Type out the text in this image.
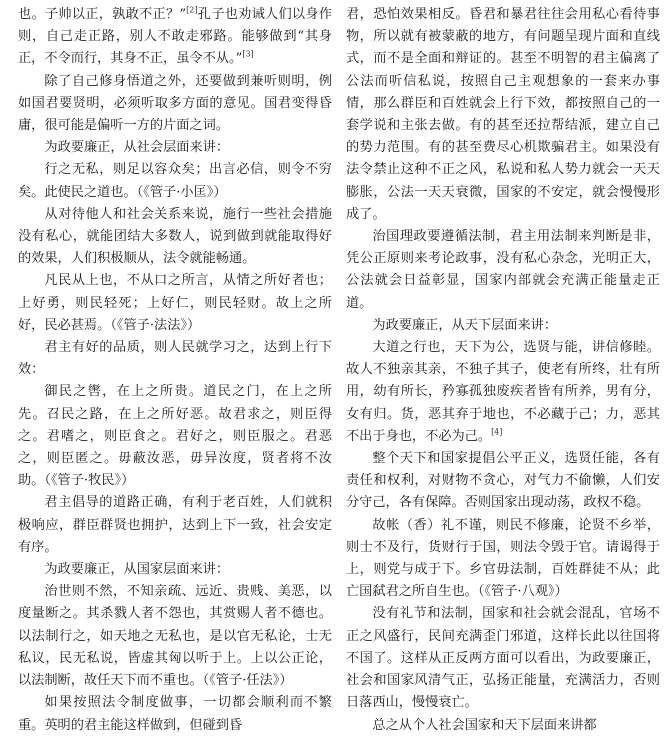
也。子帅以正，孰敢不正？”[2]孔子也劝诫人们以身作则，自己走正路，别人不敢走邪路。能够做到“其身正，不令而行，其身不正，虽令不从。”[3]

除了自己修身悟道之外，还要做到兼听则明，例如国君要贤明，必须听取多方面的意见。国君变得昏庸，很可能是偏听一方的片面之词。

为政要廉正，从社会层面来讲：

行之无私，则足以容众矣；出言必信，则令不穷矣。此使民之道也。（《管子·小匡》）

从对待他人和社会关系来说，施行一些社会措施没有私心，就能团结大多数人，说到做到就能取得好的效果，人们积极顺从，法令就能畅通。

凡民从上也，不从口之所言，从情之所好者也；上好勇，则民轻死；上好仁，则民轻财。故上之所好，民必甚焉。（《管子·法法》）

君主有好的品质，则人民就学习之，达到上行下效：

御民之辔，在上之所贵。道民之门，在上之所先。召民之路，在上之所好恶。故君求之，则臣得之。君嗜之，则臣食之。君好之，则臣服之。君恶之，则臣匿之。毋蔽汝恶，毋异汝度，贤者将不汝助。（《管子·牧民》）

君主倡导的道路正确，有利于老百姓，人们就积极响应，群臣群贤也拥护，达到上下一致，社会安定有序。

为政要廉正，从国家层面来讲：

治世则不然，不知亲疏、远近、贵贱、美恶，以度量断之。其杀戮人者不怨也，其赏赐人者不德也。以法制行之，如天地之无私也，是以官无私论，士无私议，民无私说，皆虚其匈以听于上。上以公正论，以法制断，故任天下而不重也。（《管子·任法》）

如果按照法令制度做事，一切都会顺利而不繁重。英明的君主能这样做到，但碰到昏

君，恐怕效果相反。昏君和暴君往往会用私心看待事物，所以就有被蒙蔽的地方，有问题呈现片面和直线式，而不是全面和辩证的。甚至不明智的君主偏离了公法而听信私说，按照自己主观想象的一套来办事情，那么群臣和百姓就会上行下效，都按照自己的一套学说和主张去做。有的甚至还拉帮结派，建立自己的势力范围。有的甚至费尽心机欺骗君主。如果没有法令禁止这种不正之风，私说和私人势力就会一天天膨胀，公法一天天衰微，国家的不安定，就会慢慢形成了。

治国理政要遵循法制，君主用法制来判断是非，凭公正原则来考论政事，没有私心杂念，光明正大，公法就会日益彰显，国家内部就会充满正能量走正道。

为政要廉正，从天下层面来讲：

大道之行也，天下为公，选贤与能，讲信修睦。故人不独亲其亲，不独子其子，使老有所终，壮有所用，幼有所长，矜寡孤独废疾者皆有所养，男有分，女有归。货，恶其弃于地也，不必藏于己；力，恶其不出于身也，不必为己。[4]

整个天下和国家提倡公平正义，选贤任能，各有责任和权利，对财物不贪心，对气力不偷懒，人们安分守己，各有保障。否则国家出现动荡，政权不稳。

故帐（香）礼不谨，则民不修廉，论贤不乡举，则士不及行，货财行于国，则法令毁于官。请谒得于上，则党与成于下。乡官毋法制，百姓群徒不从；此亡国弑君之所自生也。（《管子·八观》）

没有礼节和法制，国家和社会就会混乱，官场不正之风盛行，民间充满歪门邪道，这样长此以往国将不国了。这样从正反两方面可以看出，为政要廉正，社会和国家风清气正，弘扬正能量，充满活力，否则日落西山，慢慢衰亡。

总之从个人社会国家和天下层面来讲都
